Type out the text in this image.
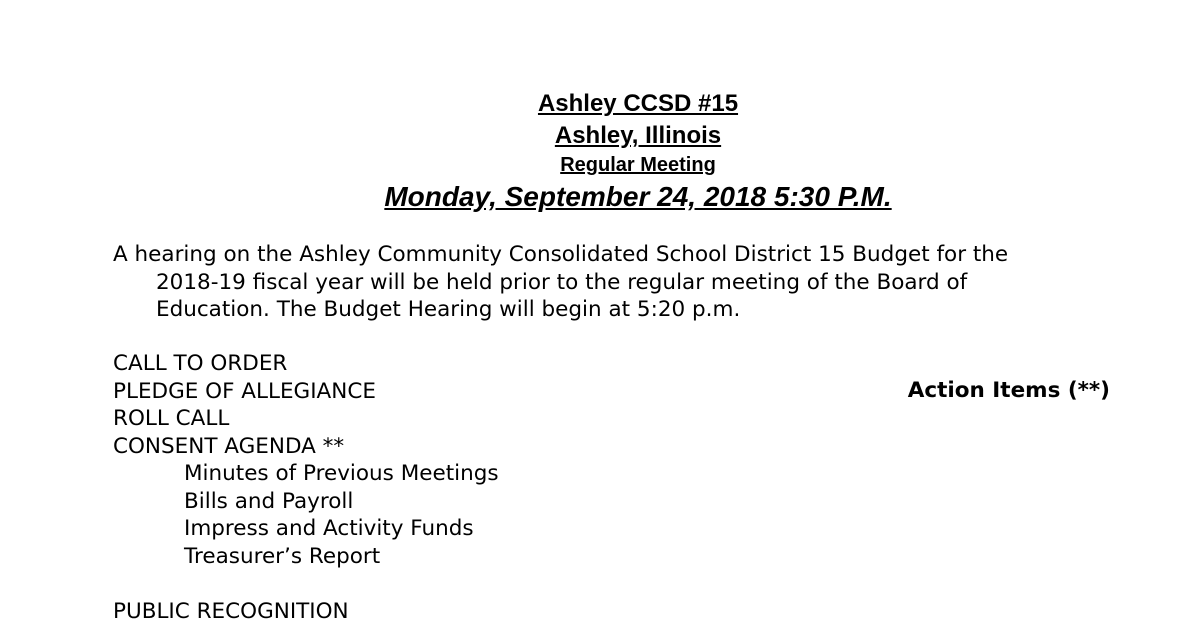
Ashley CCSD #15
Ashley, Illinois
Regular Meeting
Monday, September 24, 2018 5:30 P.M.
A hearing on the Ashley Community Consolidated School District 15 Budget for the

2018-19 fiscal year will be held prior to the regular meeting of the Board of
Education. The Budget Hearing will begin at 5:20 p.m.
CALL TO ORDER
PLEDGE OF ALLEGIANCE
ROLL CALL
CONSENT AGENDA **
Minutes of Previous Meetings
Bills and Payroll
Impress and Activity Funds
Treasurer’s Report
PUBLIC RECOGNITION
Action Items (**)
